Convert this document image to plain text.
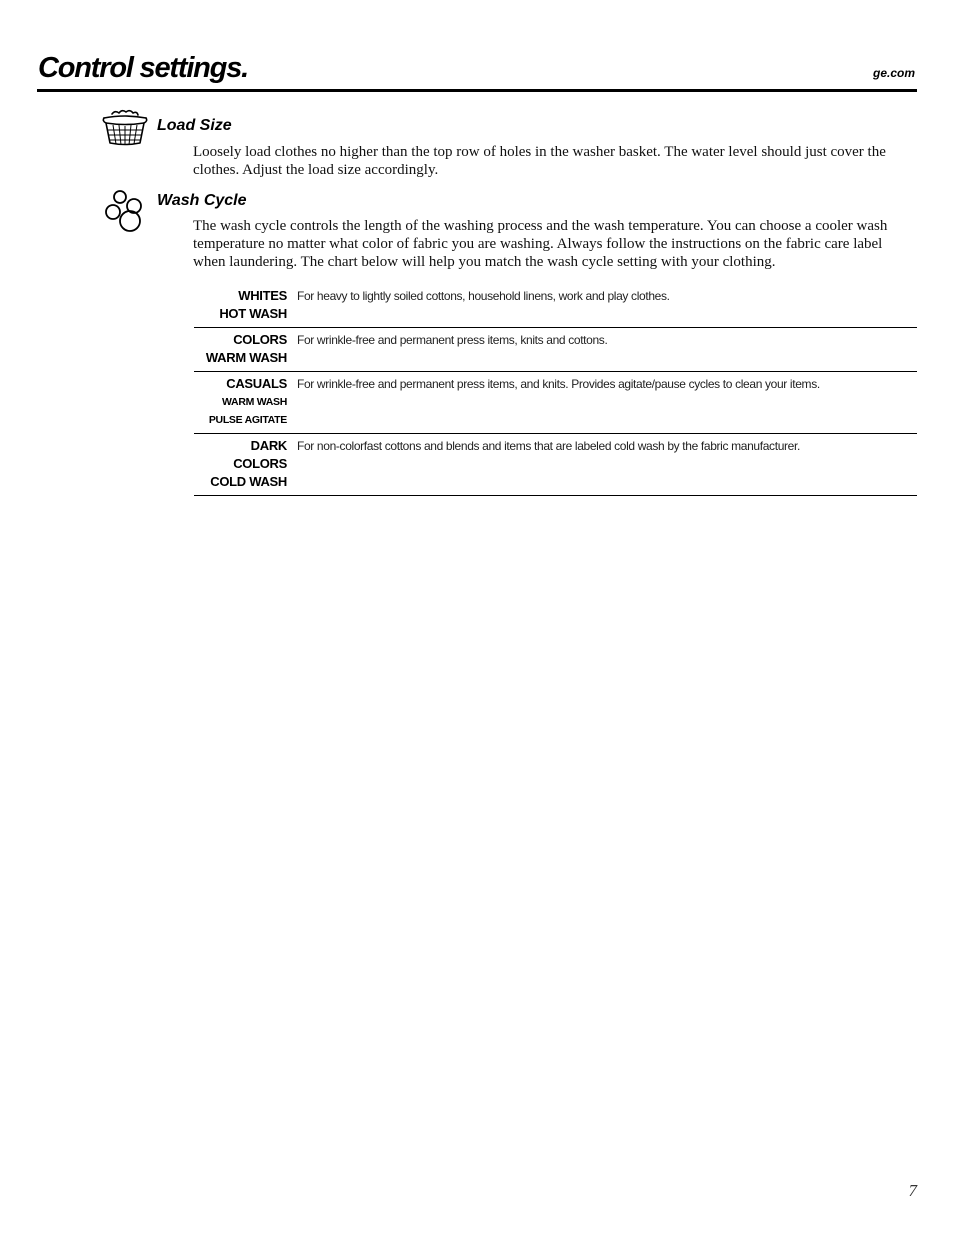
Control settings.	ge.com
Load Size
Loosely load clothes no higher than the top row of holes in the washer basket. The water level should just cover the clothes. Adjust the load size accordingly.
Wash Cycle
The wash cycle controls the length of the washing process and the wash temperature. You can choose a cooler wash temperature no matter what color of fabric you are washing. Always follow the instructions on the fabric care label when laundering. The chart below will help you match the wash cycle setting with your clothing.
WHITES
HOT WASH
For heavy to lightly soiled cottons, household linens, work and play clothes.
COLORS
WARM WASH
For wrinkle-free and permanent press items, knits and cottons.
CASUALS
WARM WASH
PULSE AGITATE
For wrinkle-free and permanent press items, and knits. Provides agitate/pause cycles to clean your items.
DARK COLORS
COLD WASH
For non-colorfast cottons and blends and items that are labeled cold wash by the fabric manufacturer.
7
